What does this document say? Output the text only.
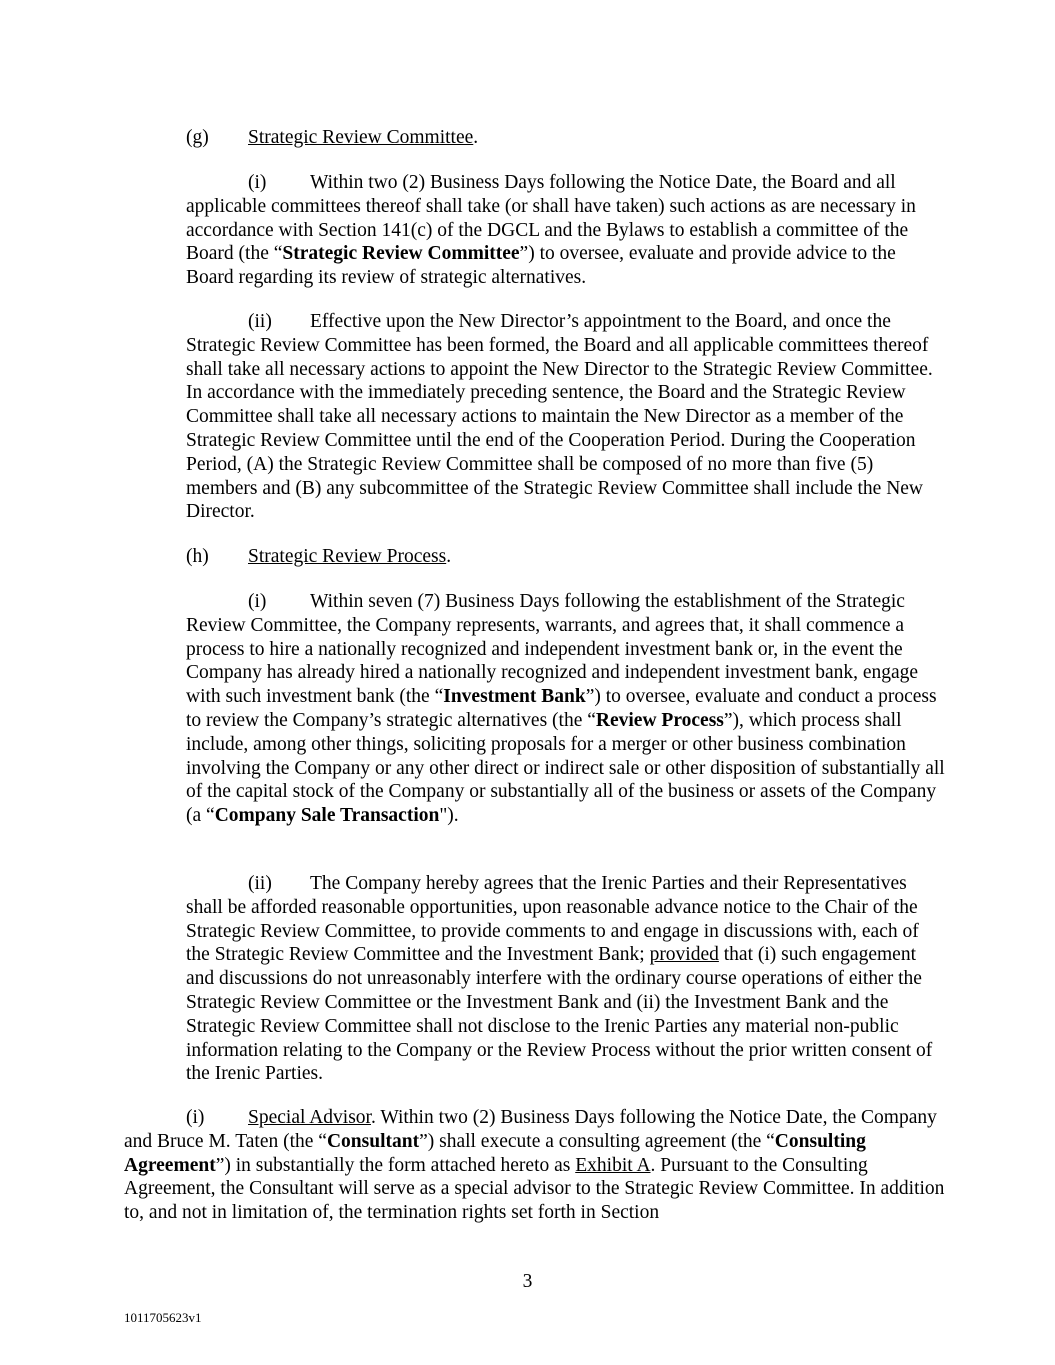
(g) Strategic Review Committee.

(i) Within two (2) Business Days following the Notice Date, the Board and all applicable committees thereof shall take (or shall have taken) such actions as are necessary in accordance with Section 141(c) of the DGCL and the Bylaws to establish a committee of the Board (the “Strategic Review Committee”) to oversee, evaluate and provide advice to the Board regarding its review of strategic alternatives.

(ii) Effective upon the New Director’s appointment to the Board, and once the Strategic Review Committee has been formed, the Board and all applicable committees thereof shall take all necessary actions to appoint the New Director to the Strategic Review Committee. In accordance with the immediately preceding sentence, the Board and the Strategic Review Committee shall take all necessary actions to maintain the New Director as a member of the Strategic Review Committee until the end of the Cooperation Period. During the Cooperation Period, (A) the Strategic Review Committee shall be composed of no more than five (5) members and (B) any subcommittee of the Strategic Review Committee shall include the New Director.

(h) Strategic Review Process.

(i) Within seven (7) Business Days following the establishment of the Strategic Review Committee, the Company represents, warrants, and agrees that, it shall commence a process to hire a nationally recognized and independent investment bank or, in the event the Company has already hired a nationally recognized and independent investment bank, engage with such investment bank (the “Investment Bank”) to oversee, evaluate and conduct a process to review the Company’s strategic alternatives (the “Review Process”), which process shall include, among other things, soliciting proposals for a merger or other business combination involving the Company or any other direct or indirect sale or other disposition of substantially all of the capital stock of the Company or substantially all of the business or assets of the Company (a “Company Sale Transaction").

(ii) The Company hereby agrees that the Irenic Parties and their Representatives shall be afforded reasonable opportunities, upon reasonable advance notice to the Chair of the Strategic Review Committee, to provide comments to and engage in discussions with, each of the Strategic Review Committee and the Investment Bank; provided that (i) such engagement and discussions do not unreasonably interfere with the ordinary course operations of either the Strategic Review Committee or the Investment Bank and (ii) the Investment Bank and the Strategic Review Committee shall not disclose to the Irenic Parties any material non-public information relating to the Company or the Review Process without the prior written consent of the Irenic Parties.

(i) Special Advisor. Within two (2) Business Days following the Notice Date, the Company and Bruce M. Taten (the “Consultant”) shall execute a consulting agreement (the “Consulting Agreement”) in substantially the form attached hereto as Exhibit A. Pursuant to the Consulting Agreement, the Consultant will serve as a special advisor to the Strategic Review Committee. In addition to, and not in limitation of, the termination rights set forth in Section

3
1011705623v1
